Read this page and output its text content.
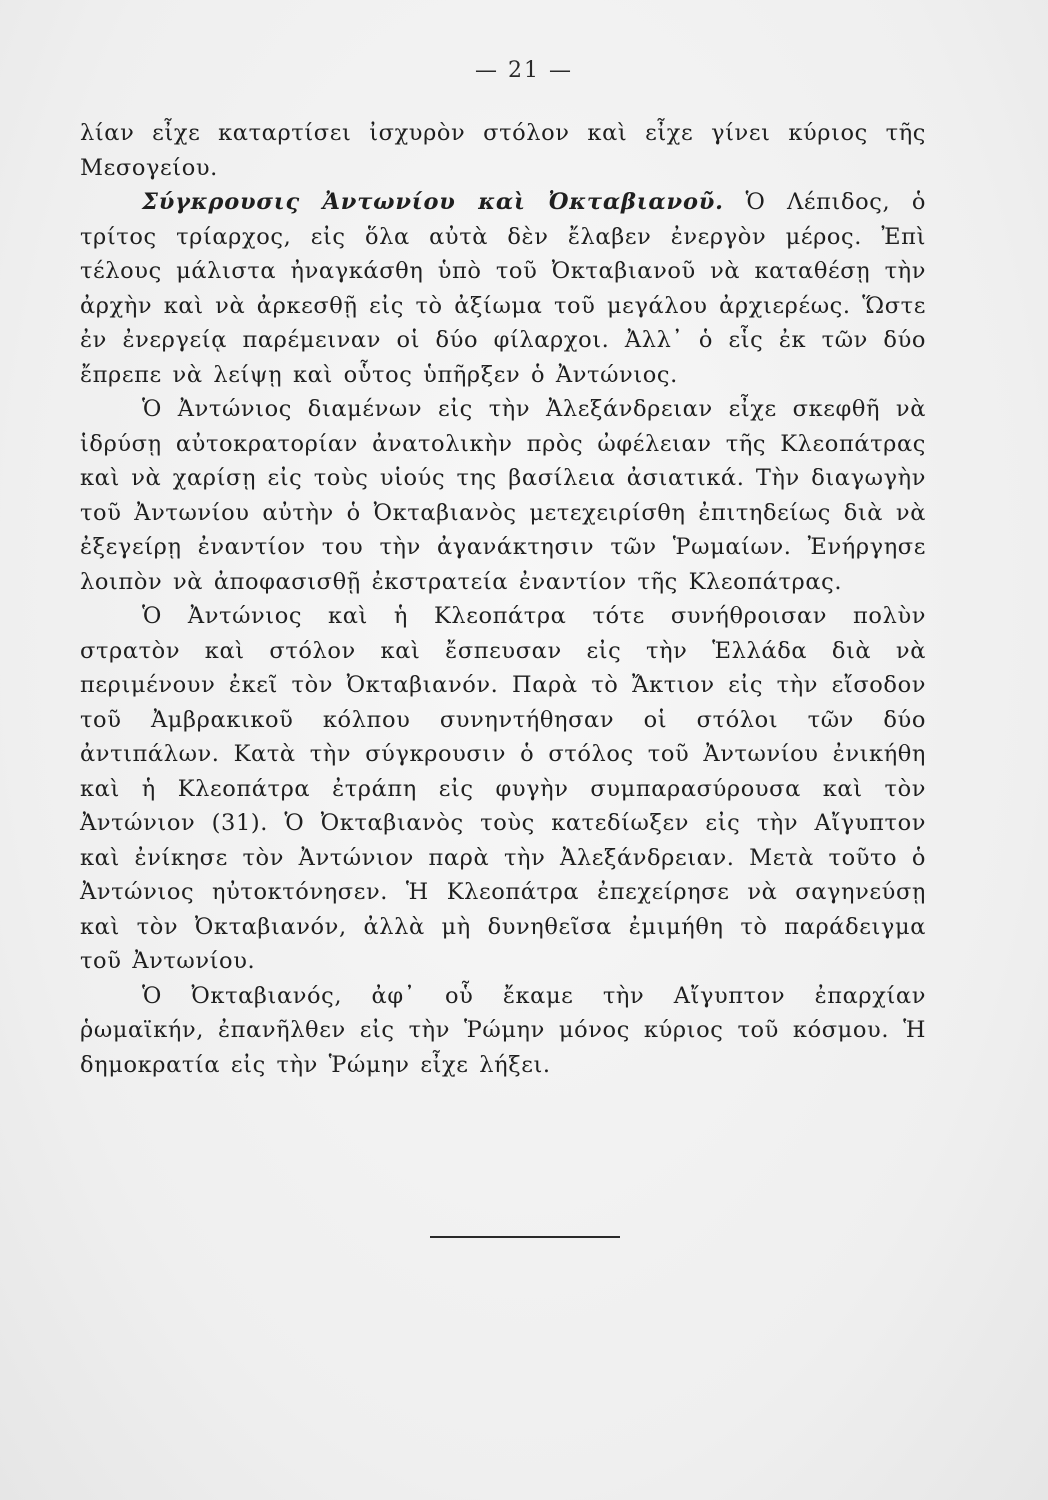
— 21 —

λίαν εἶχε καταρτίσει ἰσχυρὸν στόλον καὶ εἶχε γίνει κύριος τῆς Μεσογείου.

Σύγκρουσις Ἀντωνίου καὶ Ὀκταβιανοῦ. Ὁ Λέπιδος, ὁ τρίτος τρίαρχος, εἰς ὅλα αὐτὰ δὲν ἔλαβεν ἐνεργὸν μέρος. Ἐπὶ τέλους μάλιστα ἠναγκάσθη ὑπὸ τοῦ Ὀκταβιανοῦ νὰ καταθέσῃ τὴν ἀρχὴν καὶ νὰ ἀρκεσθῇ εἰς τὸ ἀξίωμα τοῦ μεγάλου ἀρχιερέως. Ὥστε ἐν ἐνεργείᾳ παρέμειναν οἱ δύο φίλαρχοι. Ἀλλ᾽ ὁ εἷς ἐκ τῶν δύο ἔπρεπε νὰ λείψῃ καὶ οὗτος ὑπῆρξεν ὁ Ἀντώνιος.

Ὁ Ἀντώνιος διαμένων εἰς τὴν Ἀλεξάνδρειαν εἶχε σκεφθῆ νὰ ἱδρύσῃ αὐτοκρατορίαν ἀνατολικὴν πρὸς ὠφέλειαν τῆς Κλεοπάτρας καὶ νὰ χαρίσῃ εἰς τοὺς υἱούς της βασίλεια ἀσιατικά. Τὴν διαγωγὴν τοῦ Ἀντωνίου αὐτὴν ὁ Ὀκταβιανὸς μετεχειρίσθη ἐπιτηδείως διὰ νὰ ἐξεγείρῃ ἐναντίον του τὴν ἀγανάκτησιν τῶν Ῥωμαίων. Ἐνήργησε λοιπὸν νὰ ἀποφασισθῇ ἐκστρατεία ἐναντίον τῆς Κλεοπάτρας.

Ὁ Ἀντώνιος καὶ ἡ Κλεοπάτρα τότε συνήθροισαν πολὺν στρατὸν καὶ στόλον καὶ ἔσπευσαν εἰς τὴν Ἑλλάδα διὰ νὰ περιμένουν ἐκεῖ τὸν Ὀκταβιανόν. Παρὰ τὸ Ἄκτιον εἰς τὴν εἴσοδον τοῦ Ἀμβρακικοῦ κόλπου συνηντήθησαν οἱ στόλοι τῶν δύο ἀντιπάλων. Κατὰ τὴν σύγκρουσιν ὁ στόλος τοῦ Ἀντωνίου ἐνικήθη καὶ ἡ Κλεοπάτρα ἐτράπη εἰς φυγὴν συμπαρασύρουσα καὶ τὸν Ἀντώνιον (31). Ὁ Ὀκταβιανὸς τοὺς κατεδίωξεν εἰς τὴν Αἴγυπτον καὶ ἐνίκησε τὸν Ἀντώνιον παρὰ τὴν Ἀλεξάνδρειαν. Μετὰ τοῦτο ὁ Ἀντώνιος ηὐτοκτόνησεν. Ἡ Κλεοπάτρα ἐπεχείρησε νὰ σαγηνεύσῃ καὶ τὸν Ὀκταβιανόν, ἀλλὰ μὴ δυνηθεῖσα ἐμιμήθη τὸ παράδειγμα τοῦ Ἀντωνίου.

Ὁ Ὀκταβιανός, ἀφ᾽ οὗ ἔκαμε τὴν Αἴγυπτον ἐπαρχίαν ῥωμαϊκήν, ἐπανῆλθεν εἰς τὴν Ῥώμην μόνος κύριος τοῦ κόσμου. Ἡ δημοκρατία εἰς τὴν Ῥώμην εἶχε λήξει.
